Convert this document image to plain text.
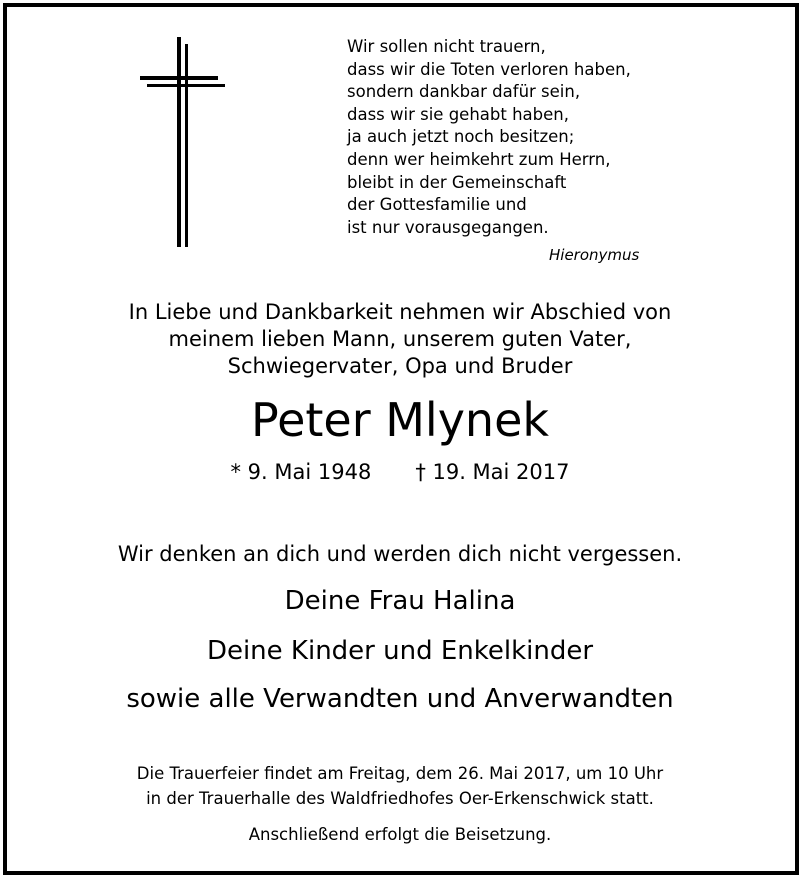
Wir sollen nicht trauern,
dass wir die Toten verloren haben,
sondern dankbar dafür sein,
dass wir sie gehabt haben,
ja auch jetzt noch besitzen;
denn wer heimkehrt zum Herrn,
bleibt in der Gemeinschaft
der Gottesfamilie und
ist nur vorausgegangen.
Hieronymus
In Liebe und Dankbarkeit nehmen wir Abschied von
meinem lieben Mann, unserem guten Vater,
Schwiegervater, Opa und Bruder
Peter Mlynek
* 9. Mai 1948 † 19. Mai 2017
Wir denken an dich und werden dich nicht vergessen.
Deine Frau Halina
Deine Kinder und Enkelkinder
sowie alle Verwandten und Anverwandten
Die Trauerfeier findet am Freitag, dem 26. Mai 2017, um 10 Uhr
in der Trauerhalle des Waldfriedhofes Oer-Erkenschwick statt.
Anschließend erfolgt die Beisetzung.
